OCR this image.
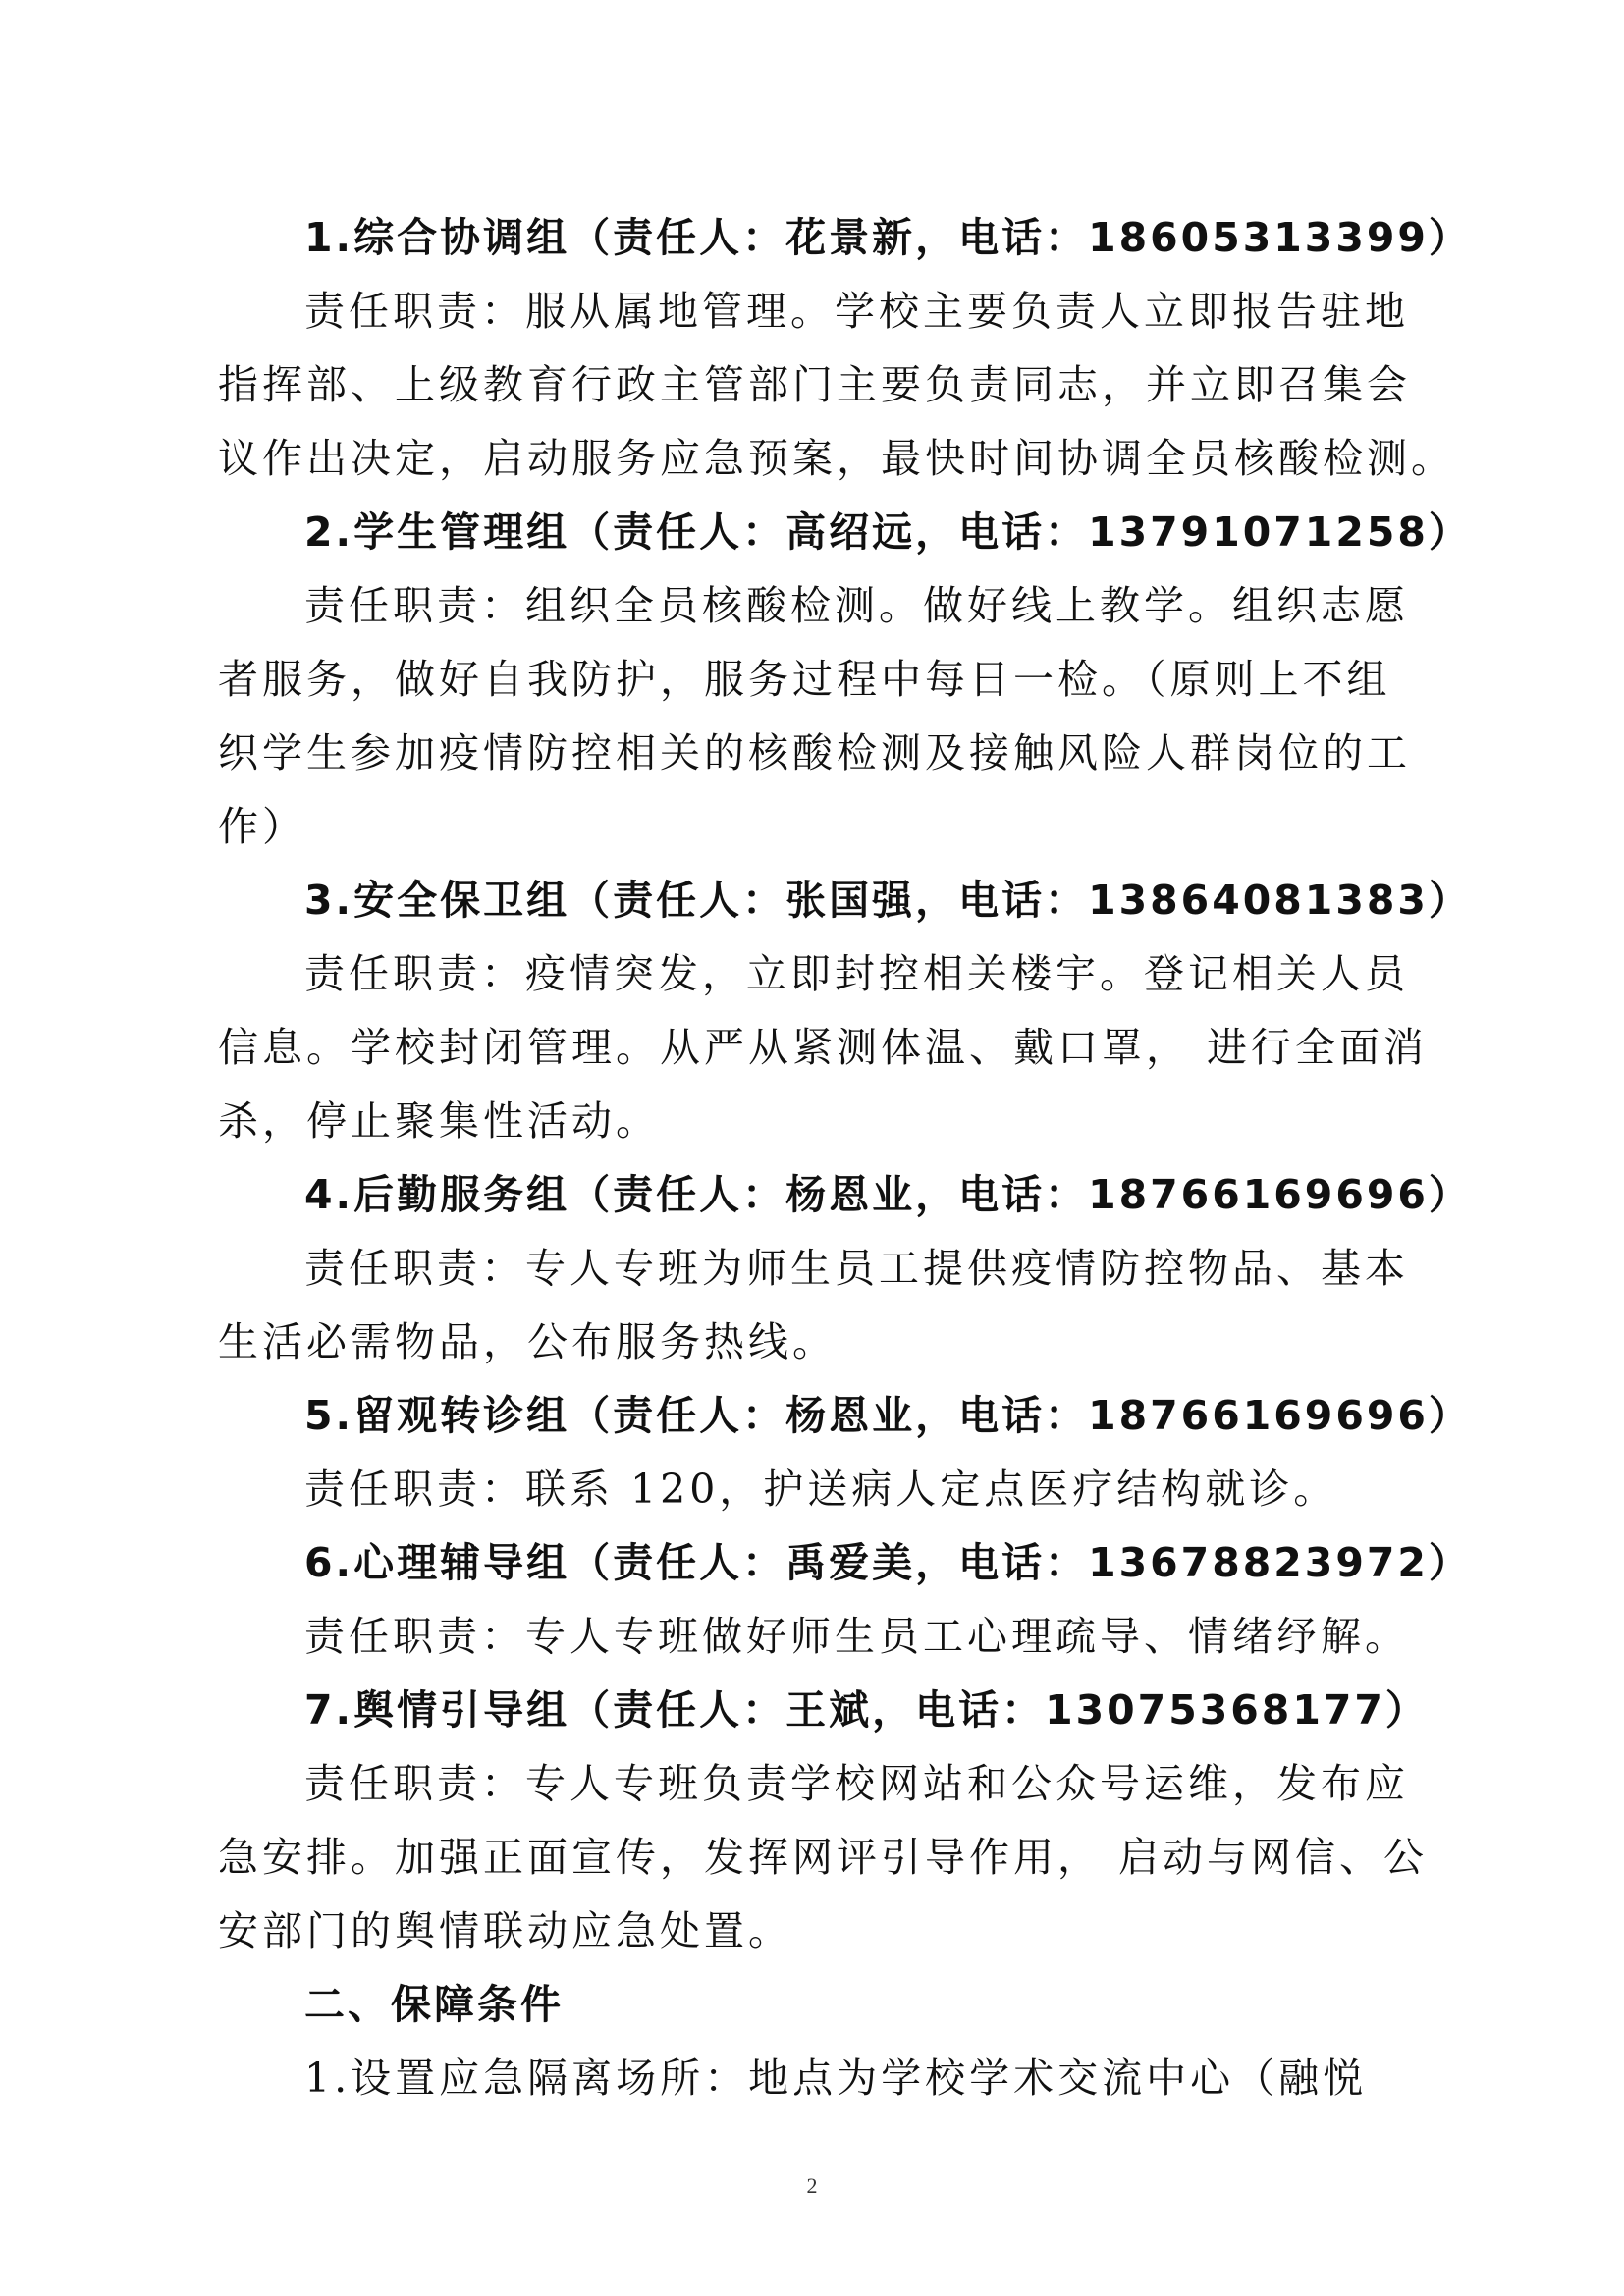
1.综合协调组（责任人：花景新，电话：18605313399）
责任职责：服从属地管理。学校主要负责人立即报告驻地
指挥部、上级教育行政主管部门主要负责同志，并立即召集会
议作出决定，启动服务应急预案，最快时间协调全员核酸检测。
2.学生管理组（责任人：高绍远，电话：13791071258）
责任职责：组织全员核酸检测。做好线上教学。组织志愿
者服务，做好自我防护，服务过程中每日一检。（原则上不组
织学生参加疫情防控相关的核酸检测及接触风险人群岗位的工
作）
3.安全保卫组（责任人：张国强，电话：13864081383）
责任职责：疫情突发，立即封控相关楼宇。登记相关人员
信息。学校封闭管理。从严从紧测体温、戴口罩， 进行全面消
杀，停止聚集性活动。
4.后勤服务组（责任人：杨恩业，电话：18766169696）
责任职责：专人专班为师生员工提供疫情防控物品、基本
生活必需物品，公布服务热线。
5.留观转诊组（责任人：杨恩业，电话：18766169696）
责任职责：联系 120，护送病人定点医疗结构就诊。
6.心理辅导组（责任人：禹爱美，电话：13678823972）
责任职责：专人专班做好师生员工心理疏导、情绪纾解。
7.舆情引导组（责任人：王斌，电话：13075368177）
责任职责：专人专班负责学校网站和公众号运维，发布应
急安排。加强正面宣传，发挥网评引导作用， 启动与网信、公
安部门的舆情联动应急处置。
二、保障条件
1.设置应急隔离场所：地点为学校学术交流中心（融悦
2
